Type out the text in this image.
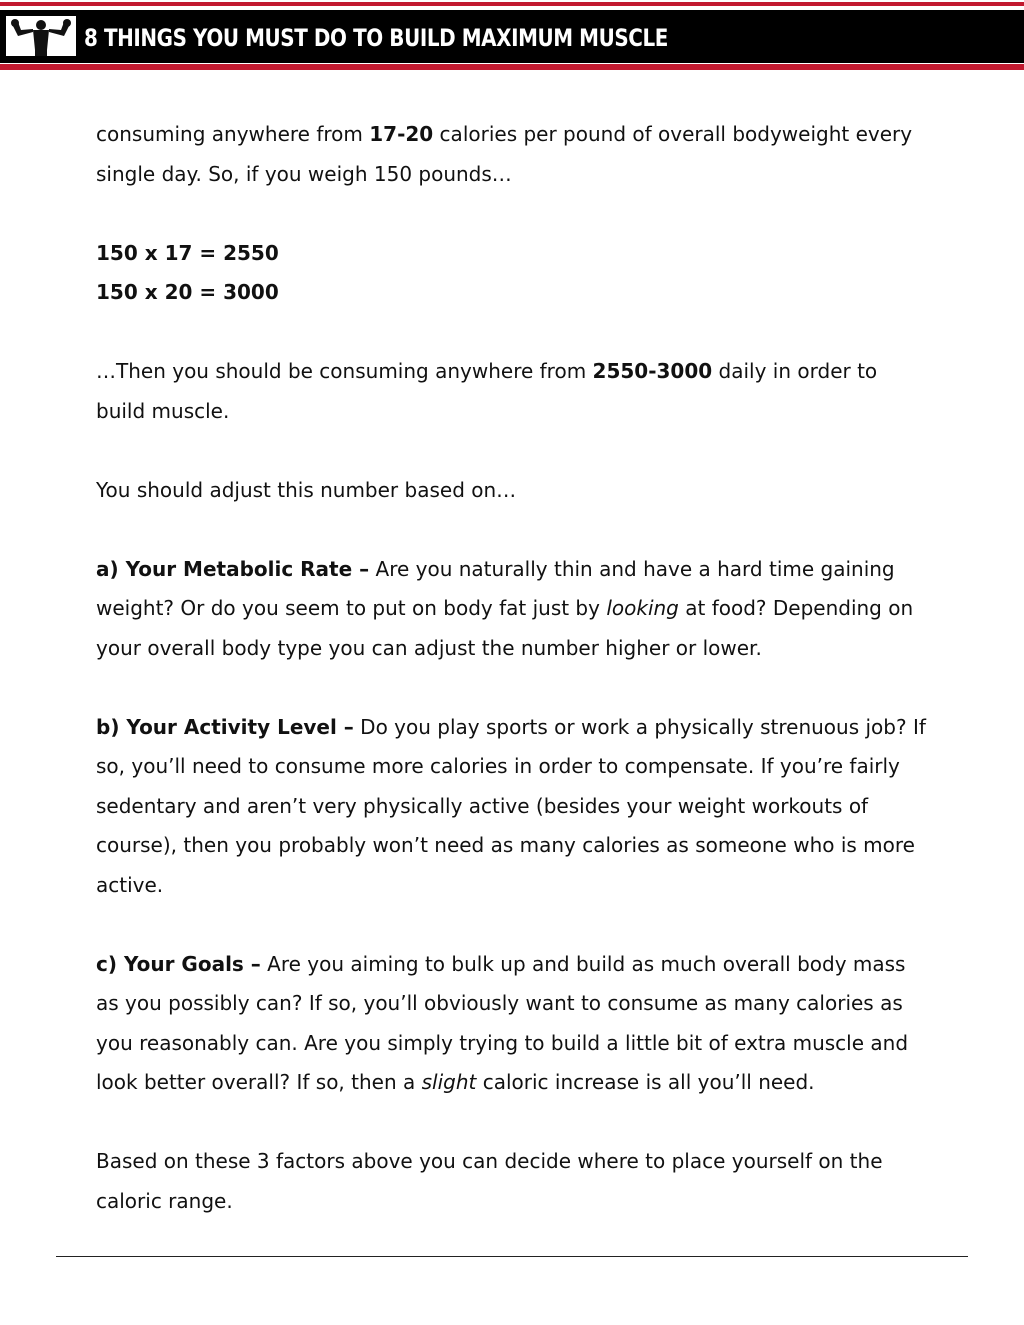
8 THINGS YOU MUST DO TO BUILD MAXIMUM MUSCLE

consuming anywhere from 17-20 calories per pound of overall bodyweight every single day. So, if you weigh 150 pounds…

150 x 17 = 2550

150 x 20 = 3000

…Then you should be consuming anywhere from 2550-3000 daily in order to build muscle.

You should adjust this number based on…

a) Your Metabolic Rate – Are you naturally thin and have a hard time gaining weight? Or do you seem to put on body fat just by looking at food? Depending on your overall body type you can adjust the number higher or lower.

b) Your Activity Level – Do you play sports or work a physically strenuous job? If so, you’ll need to consume more calories in order to compensate. If you’re fairly sedentary and aren’t very physically active (besides your weight workouts of course), then you probably won’t need as many calories as someone who is more active.

c) Your Goals – Are you aiming to bulk up and build as much overall body mass as you possibly can? If so, you’ll obviously want to consume as many calories as you reasonably can. Are you simply trying to build a little bit of extra muscle and look better overall? If so, then a slight caloric increase is all you’ll need.

Based on these 3 factors above you can decide where to place yourself on the caloric range.
